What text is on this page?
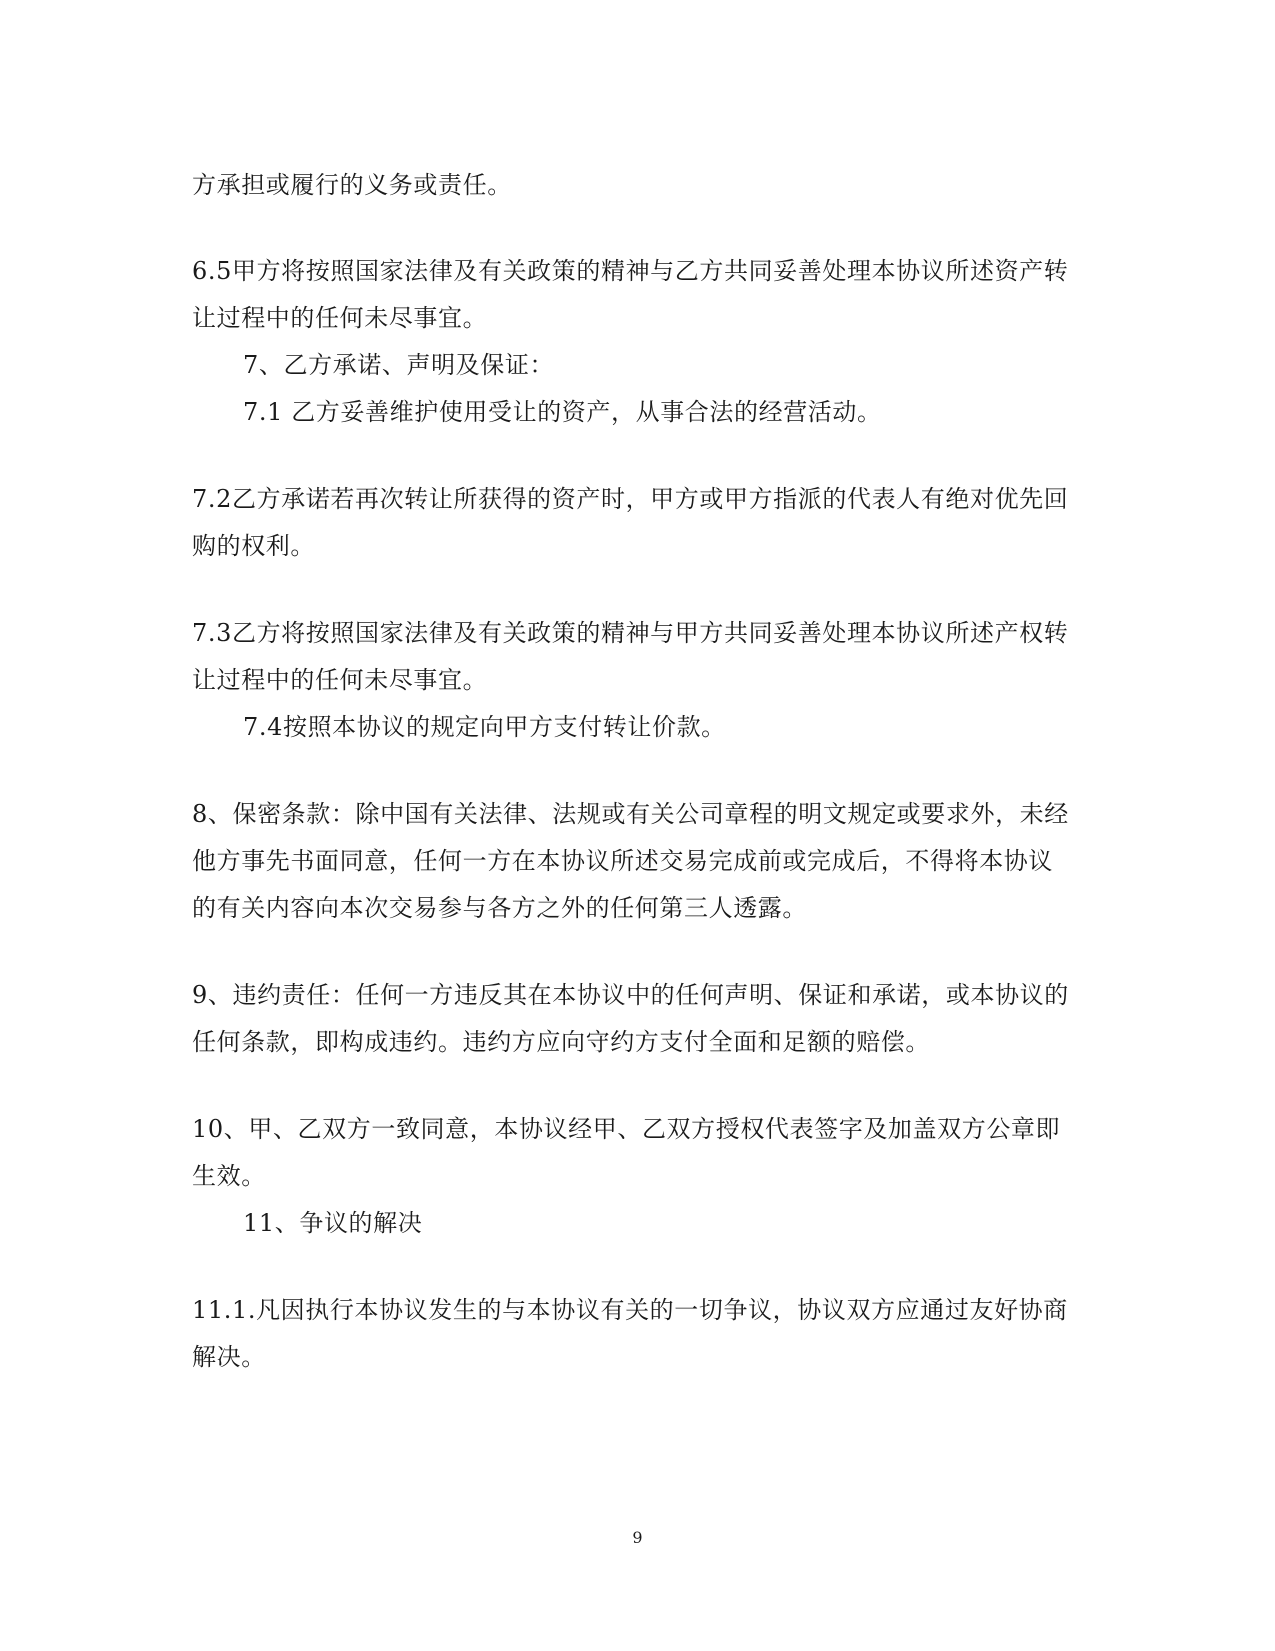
方承担或履行的义务或责任。
6.5甲方将按照国家法律及有关政策的精神与乙方共同妥善处理本协议所述资产转
让过程中的任何未尽事宜。
7、乙方承诺、声明及保证：
7.1 乙方妥善维护使用受让的资产，从事合法的经营活动。
7.2乙方承诺若再次转让所获得的资产时，甲方或甲方指派的代表人有绝对优先回
购的权利。
7.3乙方将按照国家法律及有关政策的精神与甲方共同妥善处理本协议所述产权转
让过程中的任何未尽事宜。
7.4按照本协议的规定向甲方支付转让价款。
8、保密条款：除中国有关法律、法规或有关公司章程的明文规定或要求外，未经
他方事先书面同意，任何一方在本协议所述交易完成前或完成后，不得将本协议
的有关内容向本次交易参与各方之外的任何第三人透露。
9、违约责任：任何一方违反其在本协议中的任何声明、保证和承诺，或本协议的
任何条款，即构成违约。违约方应向守约方支付全面和足额的赔偿。
10、甲、乙双方一致同意，本协议经甲、乙双方授权代表签字及加盖双方公章即
生效。
11、争议的解决
11.1.凡因执行本协议发生的与本协议有关的一切争议，协议双方应通过友好协商
解决。
9
